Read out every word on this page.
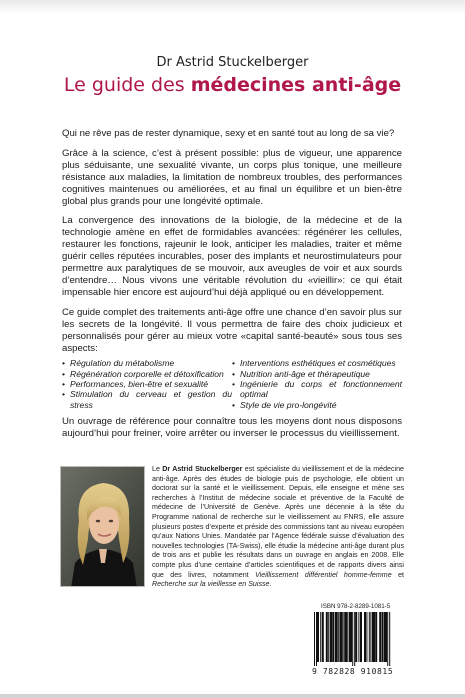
Dr Astrid Stuckelberger
Le guide des médecines anti-âge

Qui ne rêve pas de rester dynamique, sexy et en santé tout au long de sa vie?

Grâce à la science, c’est à présent possible: plus de vigueur, une apparence plus séduisante, une sexualité vivante, un corps plus tonique, une meilleure résistance aux maladies, la limitation de nombreux troubles, des performances cognitives maintenues ou améliorées, et au final un équilibre et un bien-être global plus grands pour une longévité optimale.

La convergence des innovations de la biologie, de la médecine et de la technologie amène en effet de formidables avancées: régénérer les cellules, restaurer les fonctions, rajeunir le look, anticiper les maladies, traiter et même guérir celles réputées incurables, poser des implants et neurostimulateurs pour permettre aux paralytiques de se mouvoir, aux aveugles de voir et aux sourds d’entendre… Nous vivons une véritable révolution du «vieillir»: ce qui était impensable hier encore est aujourd’hui déjà appliqué ou en développement.

Ce guide complet des traitements anti-âge offre une chance d’en savoir plus sur les secrets de la longévité. Il vous permettra de faire des choix judicieux et personnalisés pour gérer au mieux votre «capital santé-beauté» sous tous ses aspects:

• Régulation du métabolisme
• Régénération corporelle et détoxification
• Performances, bien-être et sexualité
• Stimulation du cerveau et gestion du stress
• Interventions esthétiques et cosmétiques
• Nutrition anti-âge et thérapeutique
• Ingénierie du corps et fonctionnement optimal
• Style de vie pro-longévité

Un ouvrage de référence pour connaître tous les moyens dont nous disposons aujourd’hui pour freiner, voire arrêter ou inverser le processus du vieillissement.

Le Dr Astrid Stuckelberger est spécialiste du vieillissement et de la médecine anti-âge. Après des études de biologie puis de psychologie, elle obtient un doctorat sur la santé et le vieillissement. Depuis, elle enseigne et mène ses recherches à l’Institut de médecine sociale et préventive de la Faculté de médecine de l’Université de Genève. Après une décennie à la tête du Programme national de recherche sur le vieillissement au FNRS, elle assure plusieurs postes d’experte et préside des commissions tant au niveau européen qu’aux Nations Unies. Mandatée par l’Agence fédérale suisse d’évaluation des nouvelles technologies (TA-Swiss), elle étudie la médecine anti-âge durant plus de trois ans et publie les résultats dans un ouvrage en anglais en 2008. Elle compte plus d’une centaine d’articles scientifiques et de rapports divers ainsi que des livres, notamment Vieillissement différentiel homme-femme et Recherche sur la vieillesse en Suisse.
ISBN 978-2-8289-1081-5
9 782828 910815
